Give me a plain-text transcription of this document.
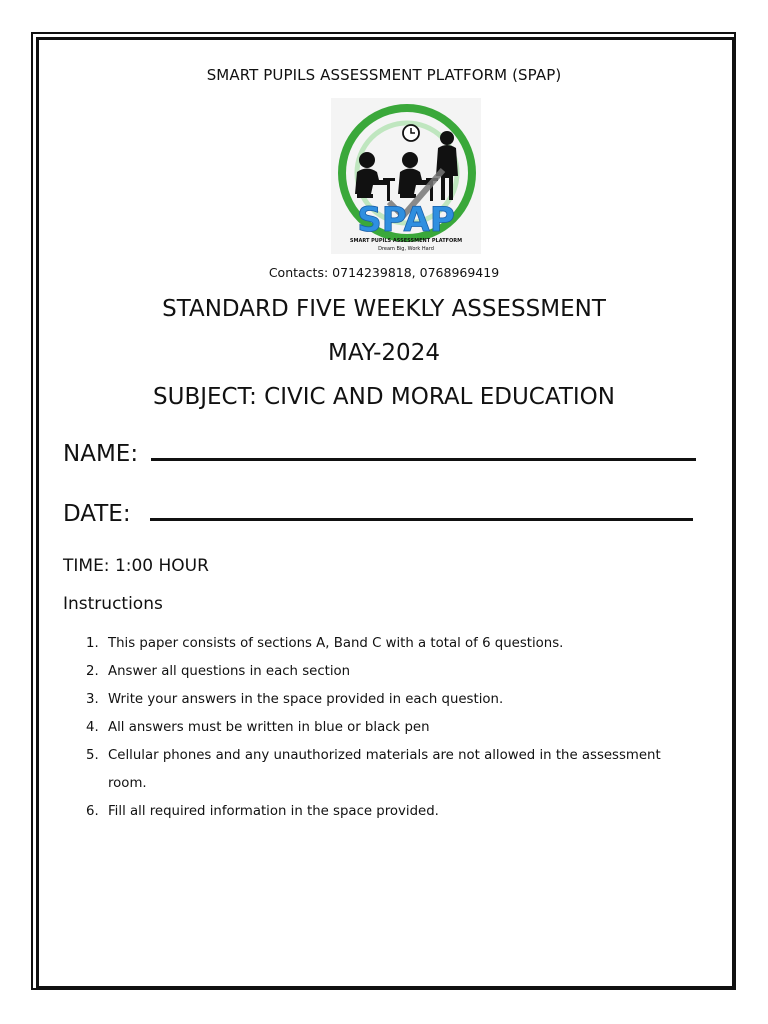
SMART PUPILS ASSESSMENT PLATFORM (SPAP)
SPAP
SMART PUPILS ASSESSMENT PLATFORM
Dream Big, Work Hard
Contacts: 0714239818, 0768969419
STANDARD FIVE WEEKLY ASSESSMENT
MAY-2024
SUBJECT: CIVIC AND MORAL EDUCATION
NAME:
DATE:
TIME: 1:00 HOUR
Instructions
1. This paper consists of sections A, Band C with a total of 6 questions.
2. Answer all questions in each section
3. Write your answers in the space provided in each question.
4. All answers must be written in blue or black pen
5. Cellular phones and any unauthorized materials are not allowed in the assessment room.
6. Fill all required information in the space provided.
